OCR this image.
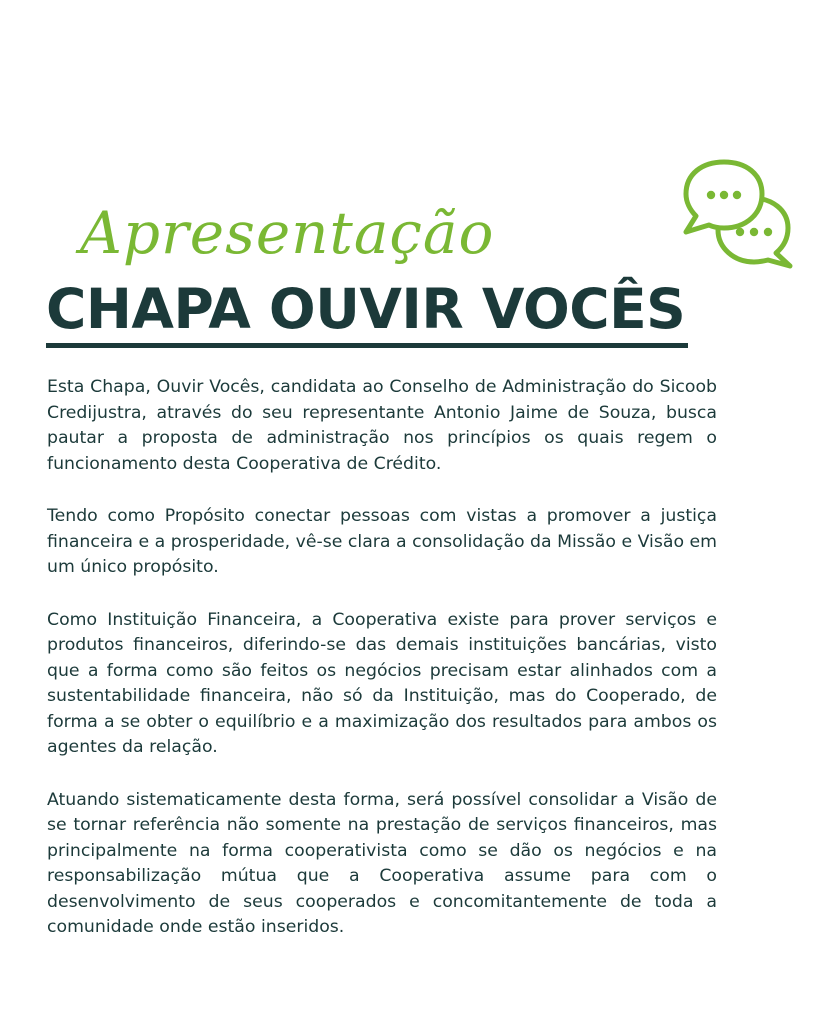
Apresentação
CHAPA OUVIR VOCÊS

Esta Chapa, Ouvir Vocês, candidata ao Conselho de Administração do Sicoob Credijustra, através do seu representante Antonio Jaime de Souza, busca pautar a proposta de administração nos princípios os quais regem o funcionamento desta Cooperativa de Crédito.

Tendo como Propósito conectar pessoas com vistas a promover a justiça financeira e a prosperidade, vê-se clara a consolidação da Missão e Visão em um único propósito.

Como Instituição Financeira, a Cooperativa existe para prover serviços e produtos financeiros, diferindo-se das demais instituições bancárias, visto que a forma como são feitos os negócios precisam estar alinhados com a sustentabilidade financeira, não só da Instituição, mas do Cooperado, de forma a se obter o equilíbrio e a maximização dos resultados para ambos os agentes da relação.

Atuando sistematicamente desta forma, será possível consolidar a Visão de se tornar referência não somente na prestação de serviços financeiros, mas principalmente na forma cooperativista como se dão os negócios e na responsabilização mútua que a Cooperativa assume para com o desenvolvimento de seus cooperados e concomitantemente de toda a comunidade onde estão inseridos.
